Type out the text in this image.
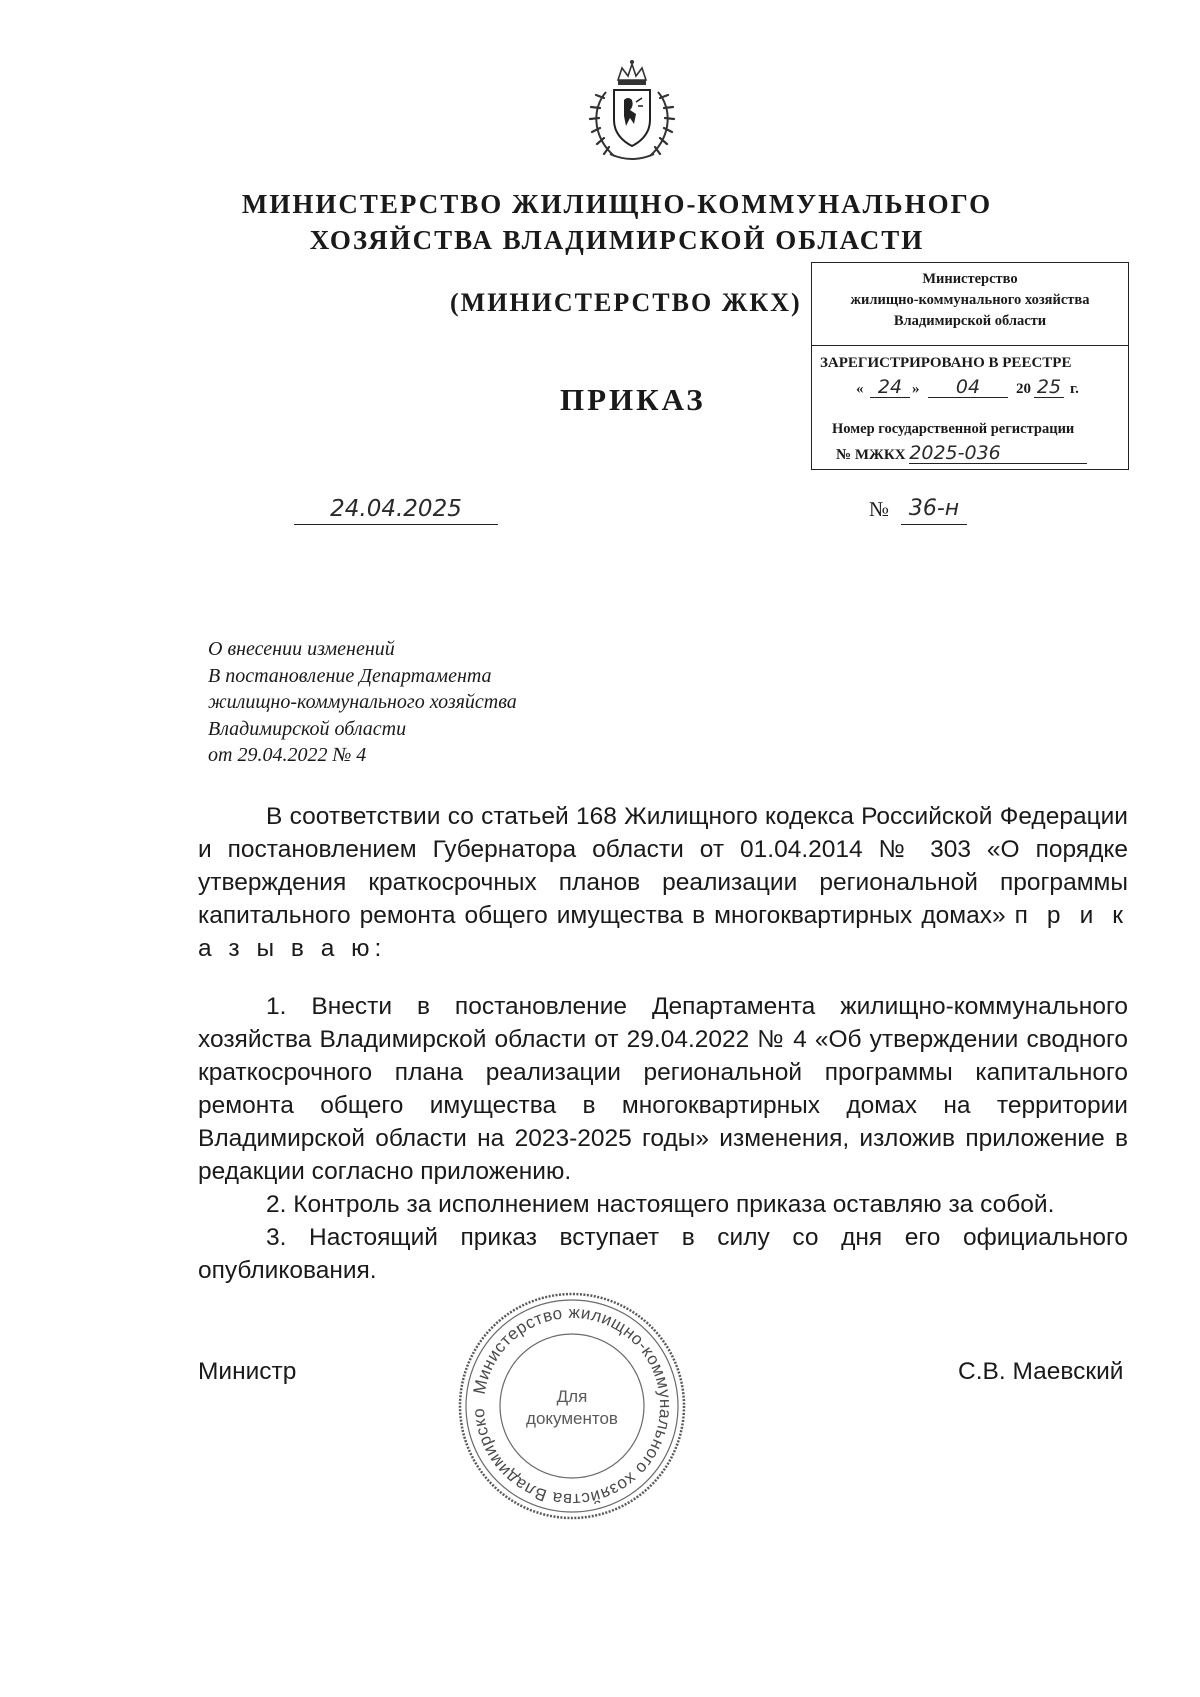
МИНИСТЕРСТВО ЖИЛИЩНО-КОММУНАЛЬНОГО
ХОЗЯЙСТВА ВЛАДИМИРСКОЙ ОБЛАСТИ
(МИНИСТЕРСТВО ЖКХ)
ПРИКАЗ
Министерство
жилищно-коммунального хозяйства
Владимирской области
ЗАРЕГИСТРИРОВАНО В РЕЕСТРЕ
« 24 »	04	20 25 г.
Номер государственной регистрации
№ МЖКХ 2025-036
24.04.2025	№ 36-н
О внесении изменений
В постановление Департамента
жилищно-коммунального хозяйства
Владимирской области
от 29.04.2022 № 4

В соответствии со статьей 168 Жилищного кодекса Российской Федерации и постановлением Губернатора области от 01.04.2014 № 303 «О порядке утверждения краткосрочных планов реализации региональной программы капитального ремонта общего имущества в многоквартирных домах» п р и к а з ы в а ю:

1. Внести в постановление Департамента жилищно-коммунального хозяйства Владимирской области от 29.04.2022 № 4 «Об утверждении сводного краткосрочного плана реализации региональной программы капитального ремонта общего имущества в многоквартирных домах на территории Владимирской области на 2023-2025 годы» изменения, изложив приложение в редакции согласно приложению.

2. Контроль за исполнением настоящего приказа оставляю за собой.

3. Настоящий приказ вступает в силу со дня его официального опубликования.

Министр	С.В. Маевский
Министерство жилищно-коммунального хозяйства Владимирско
Для
документов
